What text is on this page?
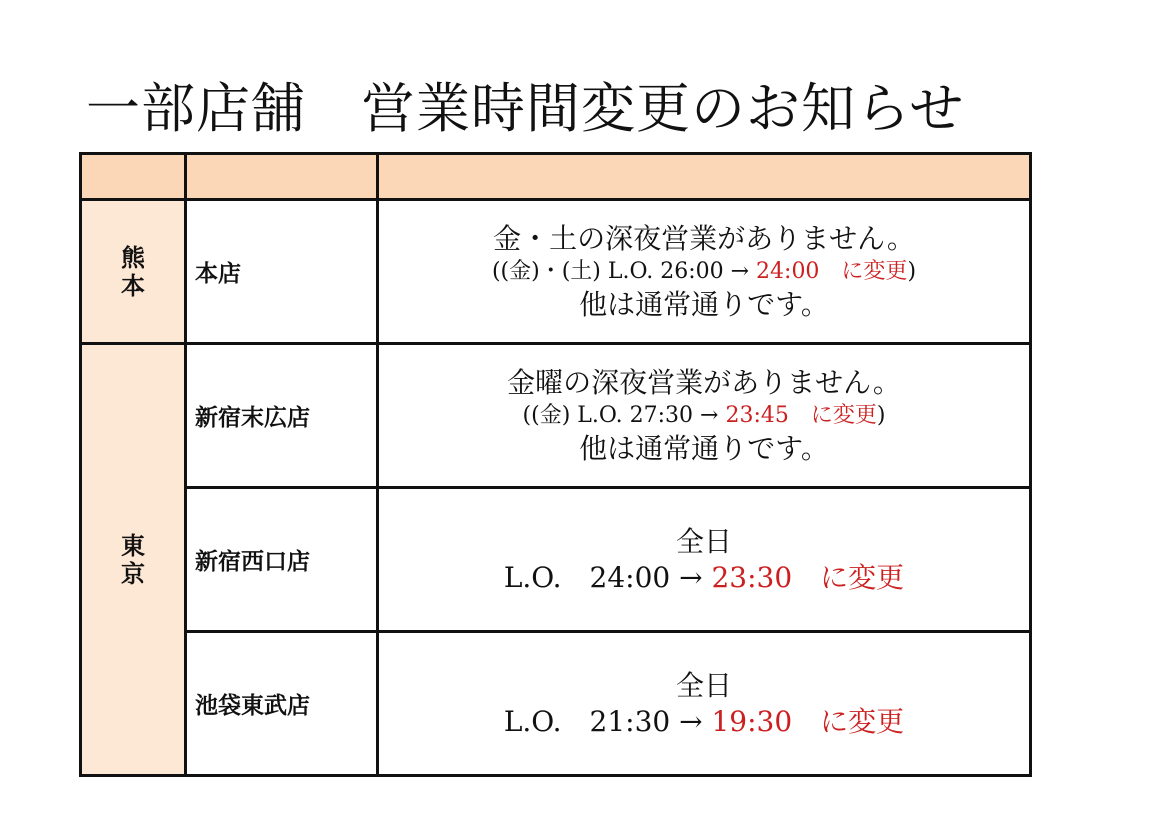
一部店舗　営業時間変更のお知らせ

熊本	本店	金・土の深夜営業がありません。
((金)・(土) L.O. 26:00 → 24:00　に変更)
他は通常通りです。

東京	新宿末広店	金曜の深夜営業がありません。
((金) L.O. 27:30 → 23:45　に変更)
他は通常通りです。

	新宿西口店	全日
L.O.　24:00 → 23:30　に変更

	池袋東武店	全日
L.O.　21:30 → 19:30　に変更
